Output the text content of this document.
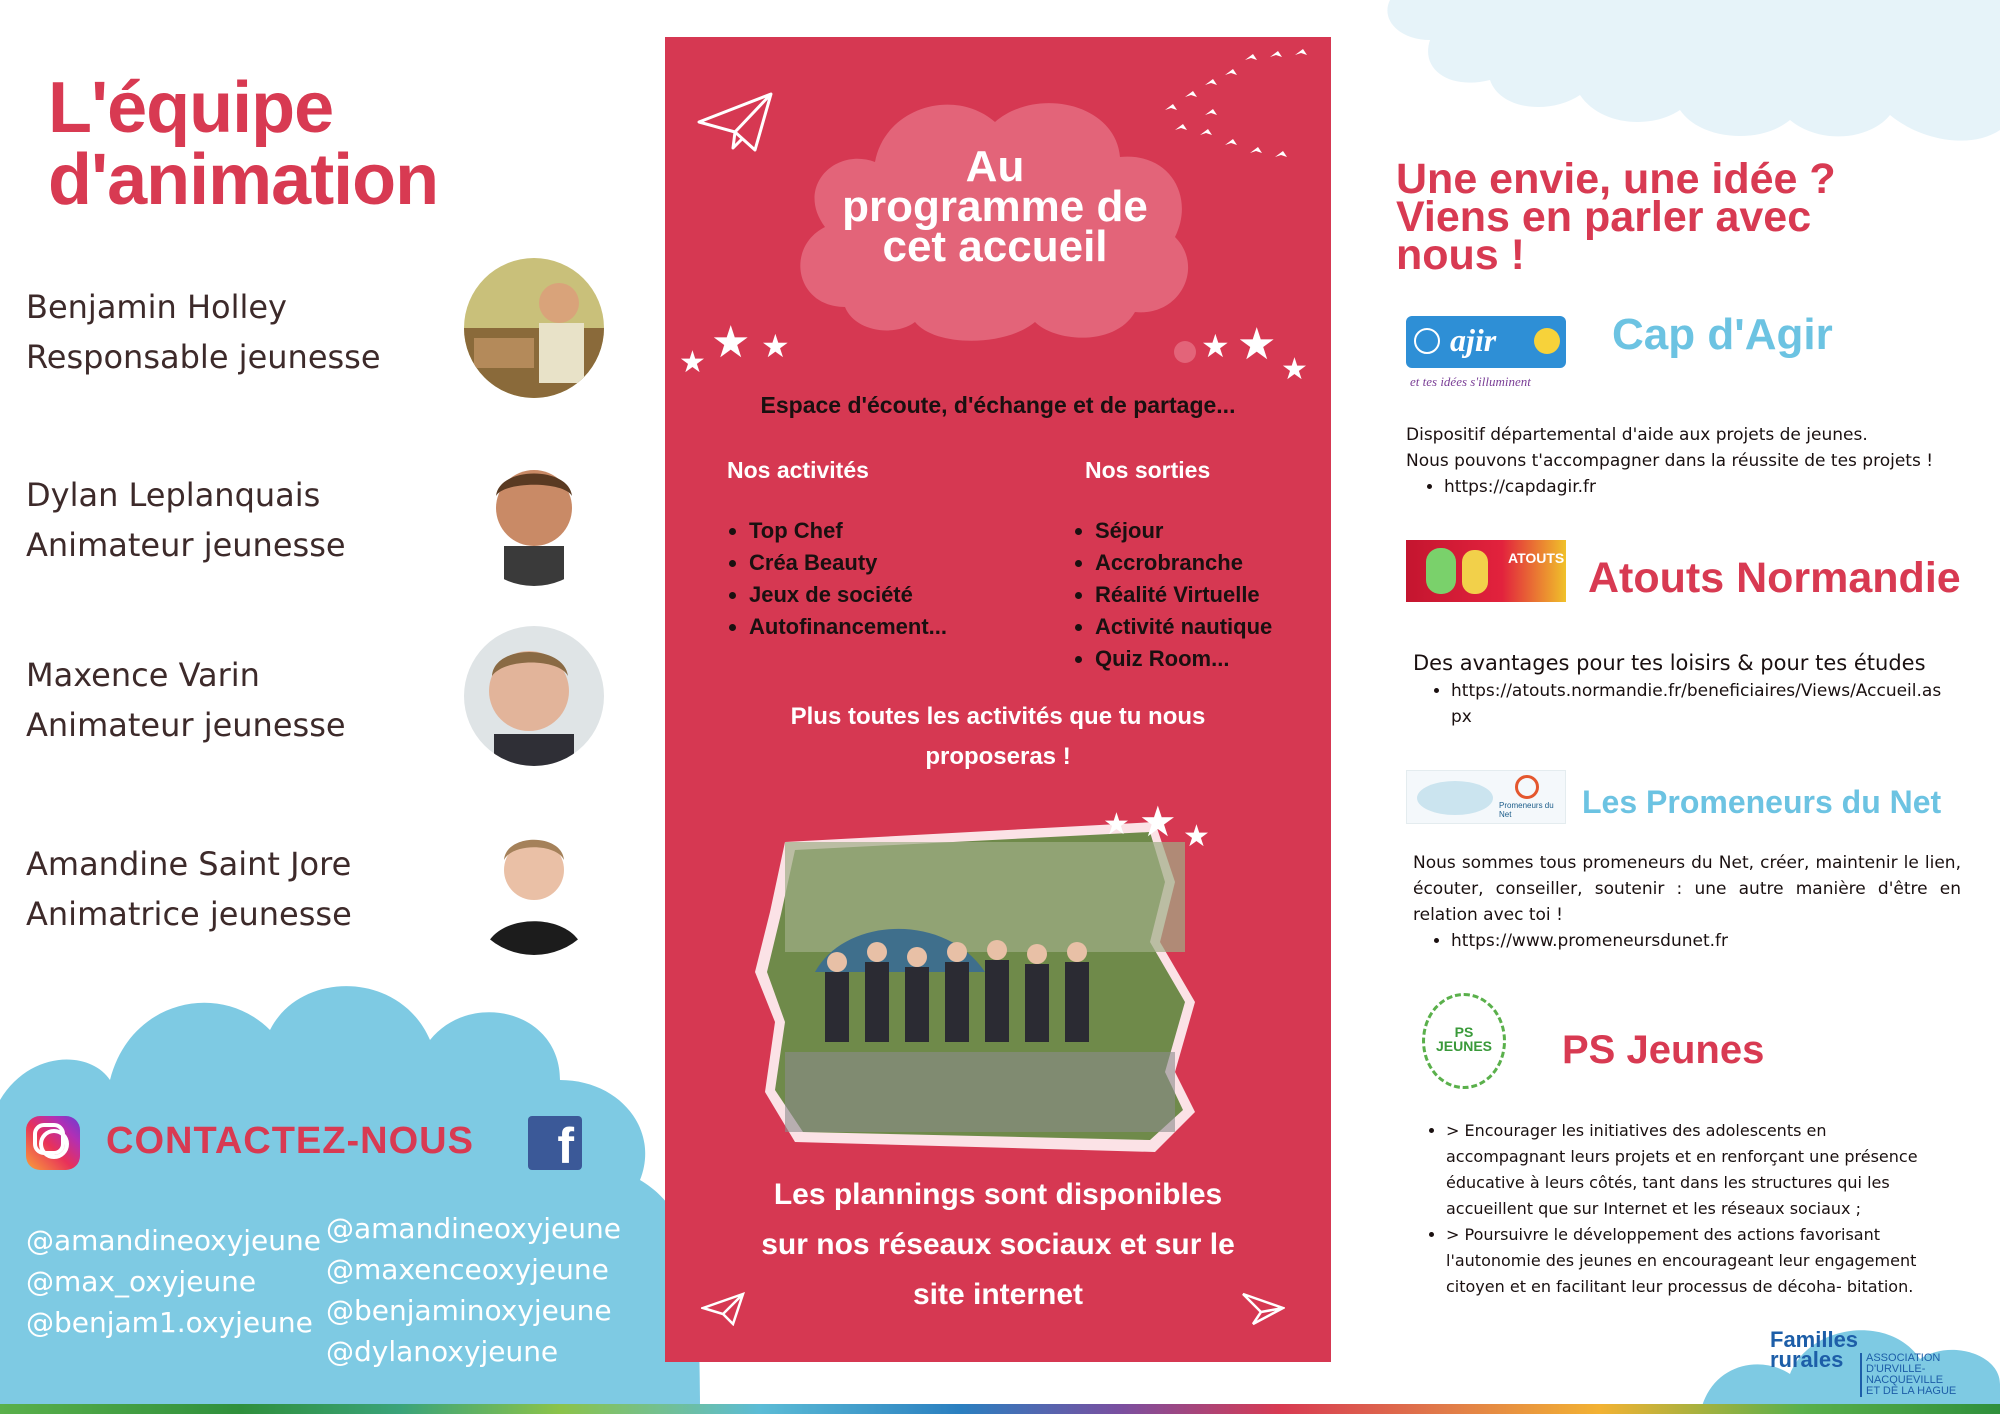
L'équipe
d'animation
Benjamin Holley
Responsable jeunesse
Dylan Leplanquais
Animateur jeunesse
Maxence Varin
Animateur jeunesse
Amandine Saint Jore
Animatrice jeunesse
CONTACTEZ-NOUS	f
@amandineoxyjeune
@max_oxyjeune
@benjam1.oxyjeune
@amandineoxyjeune
@maxenceoxyjeune
@benjaminoxyjeune
@dylanoxyjeune
Au
programme de
cet accueil
★ ★ ★	★ ★ ★
Espace d'écoute, d'échange et de partage...
Nos activités
• Top Chef
• Créa Beauty
• Jeux de société
• Autofinancement...
Nos sorties
• Séjour
• Accrobranche
• Réalité Virtuelle
• Activité nautique
• Quiz Room...
Plus toutes les activités que tu nous
proposeras !
★ ★ ★
Les plannings sont disponibles
sur nos réseaux sociaux et sur le
site internet
Une envie, une idée ?
Viens en parler avec
nous !
ajir
et tes idées s'illuminent
Cap d'Agir
Dispositif départemental d'aide aux projets de jeunes.
Nous pouvons t'accompagner dans la réussite de tes projets !
• https://capdagir.fr
ATOUTS Atouts Normandie
Des avantages pour tes loisirs & pour tes études
• https://atouts.normandie.fr/beneficiaires/Views/Accueil.aspx
Promeneurs du Net	Les Promeneurs du Net
Nous sommes tous promeneurs du Net, créer, maintenir le lien, écouter, conseiller, soutenir : une autre manière d'être en relation avec toi !
• https://www.promeneursdunet.fr
PS JEUNES PS Jeunes
• > Encourager les initiatives des adolescents en accompagnant leurs projets et en renforçant une présence éducative à leurs côtés, tant dans les structures qui les accueillent que sur Internet et les réseaux sociaux ;
• > Poursuivre le développement des actions favorisant l'autonomie des jeunes en encourageant leur engagement citoyen et en facilitant leur processus de décoha- bitation.
Familles
rurales	ASSOCIATION
D'URVILLE-NACQUEVILLE
ET DE LA HAGUE
